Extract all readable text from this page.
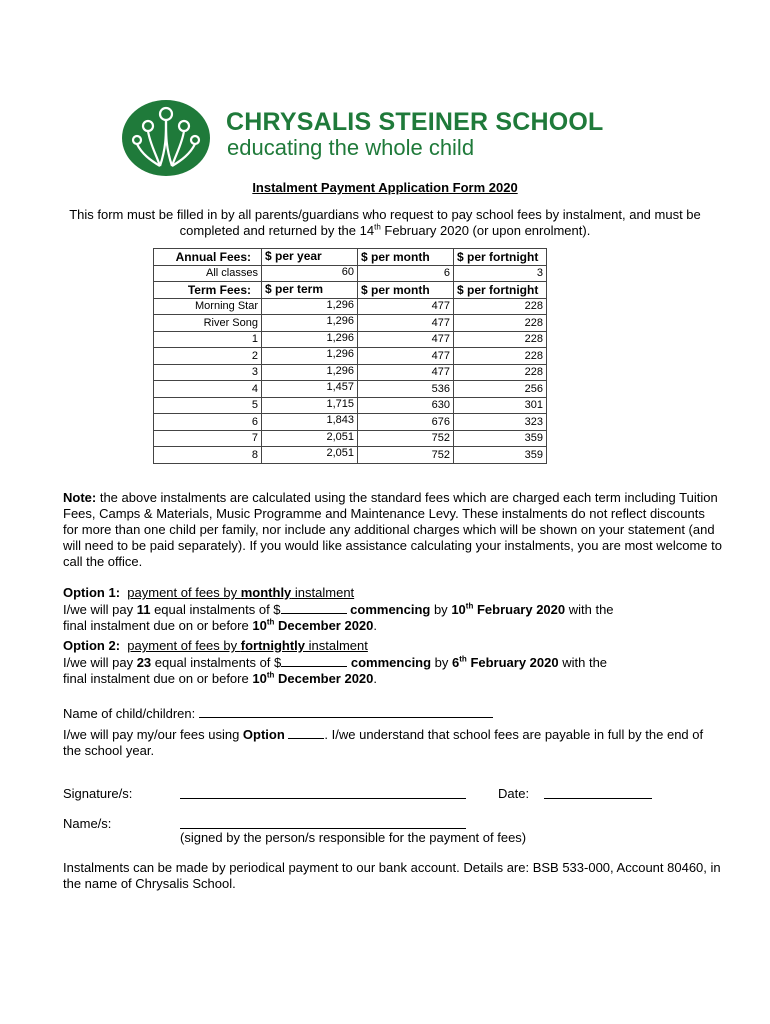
CHRYSALIS STEINER SCHOOL
educating the whole child
Instalment Payment Application Form 2020
This form must be filled in by all parents/guardians who request to pay school fees by instalment, and must be completed and returned by the 14th February 2020 (or upon enrolment).
Annual Fees:	$ per year	$ per month	$ per fortnight
All classes	60	6	3
Term Fees:	$ per term	$ per month	$ per fortnight
Morning Star	1,296	477	228
River Song	1,296	477	228
1	1,296	477	228
2	1,296	477	228
3	1,296	477	228
4	1,457	536	256
5	1,715	630	301
6	1,843	676	323
7	2,051	752	359
8	2,051	752	359
Note: the above instalments are calculated using the standard fees which are charged each term including Tuition Fees, Camps & Materials, Music Programme and Maintenance Levy. These instalments do not reflect discounts for more than one child per family, nor include any additional charges which will be shown on your statement (and will need to be paid separately). If you would like assistance calculating your instalments, you are most welcome to call the office.
Option 1: payment of fees by monthly instalment
I/we will pay 11 equal instalments of $	commencing by 10th February 2020 with the
final instalment due on or before 10th December 2020.
Option 2: payment of fees by fortnightly instalment
I/we will pay 23 equal instalments of $	commencing by 6th February 2020 with the
final instalment due on or before 10th December 2020.
Name of child/children:
I/we will pay my/our fees using Option	. I/we understand that school fees are payable in full by the end of the school year.
Signature/s:	Date:
Name/s:
(signed by the person/s responsible for the payment of fees)
Instalments can be made by periodical payment to our bank account. Details are: BSB 533-000, Account 80460, in the name of Chrysalis School.
